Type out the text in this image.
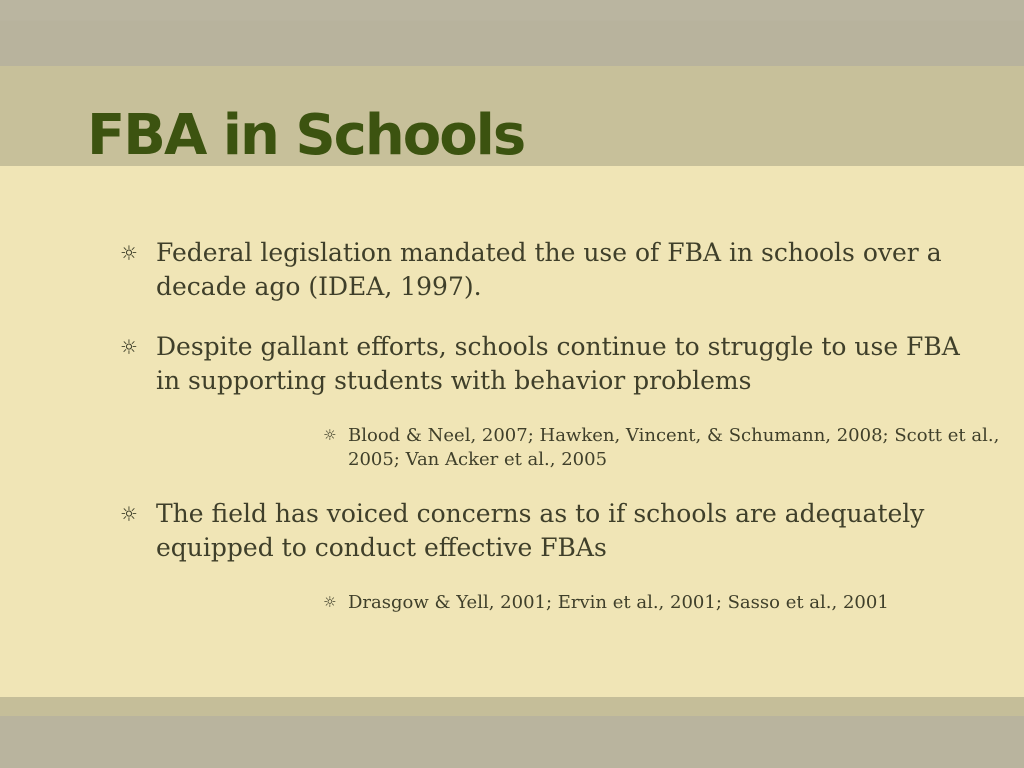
FBA in Schools
☼ Federal legislation mandated the use of FBA in schools over a decade ago (IDEA, 1997).
☼ Despite gallant efforts, schools continue to struggle to use FBA in supporting students with behavior problems
☼ Blood & Neel, 2007; Hawken, Vincent, & Schumann, 2008; Scott et al., 2005; Van Acker et al., 2005
☼ The field has voiced concerns as to if schools are adequately equipped to conduct effective FBAs
☼ Drasgow & Yell, 2001; Ervin et al., 2001; Sasso et al., 2001
